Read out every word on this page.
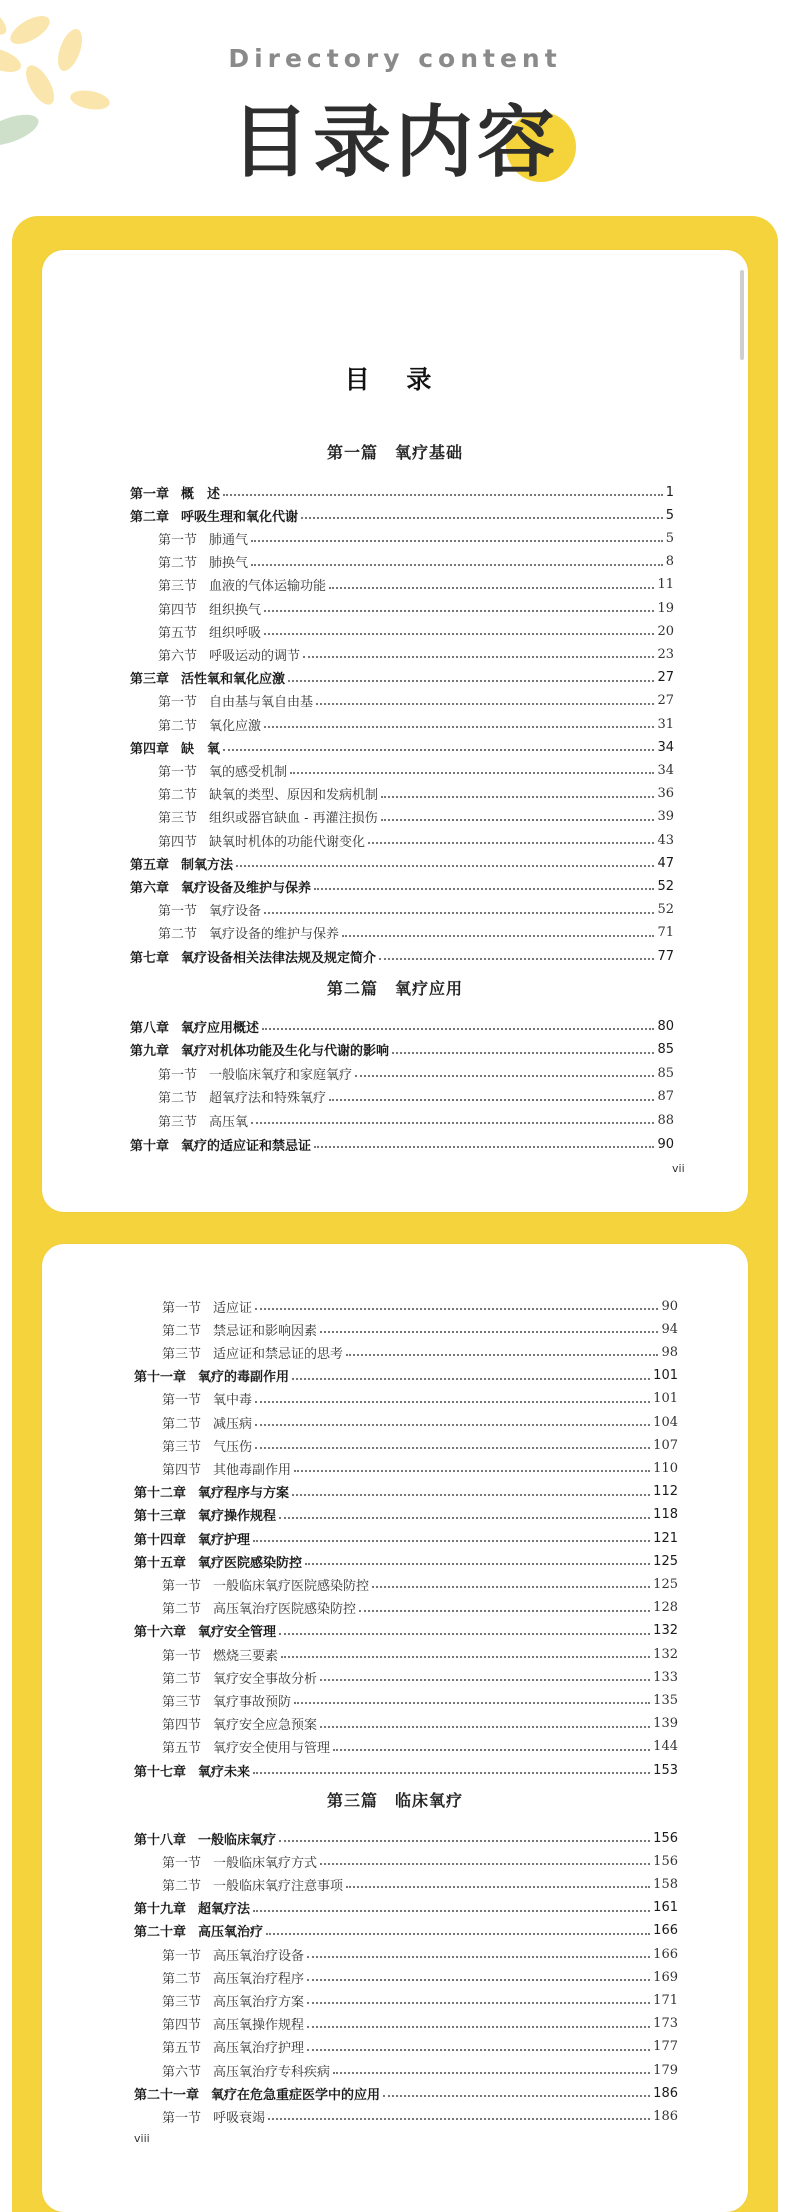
Directory content
目录内容
目 录
第一篇　氧疗基础
第一章 概　述	1
第二章 呼吸生理和氧化代谢	5
第一节 肺通气	5
第二节 肺换气	8
第三节 血液的气体运输功能	11
第四节 组织换气	19
第五节 组织呼吸	20
第六节 呼吸运动的调节	23
第三章 活性氧和氧化应激	27
第一节 自由基与氧自由基	27
第二节 氧化应激	31
第四章 缺　氧	34
第一节 氧的感受机制	34
第二节 缺氧的类型、原因和发病机制	36
第三节 组织或器官缺血 - 再灌注损伤	39
第四节 缺氧时机体的功能代谢变化	43
第五章 制氧方法	47
第六章 氧疗设备及维护与保养	52
第一节 氧疗设备	52
第二节 氧疗设备的维护与保养	71
第七章 氧疗设备相关法律法规及规定简介	77
第二篇　氧疗应用
第八章 氧疗应用概述	80
第九章 氧疗对机体功能及生化与代谢的影响	85
第一节 一般临床氧疗和家庭氧疗	85
第二节 超氧疗法和特殊氧疗	87
第三节 高压氧	88
第十章 氧疗的适应证和禁忌证	90
vii
第一节 适应证	90
第二节 禁忌证和影响因素	94
第三节 适应证和禁忌证的思考	98
第十一章 氧疗的毒副作用	101
第一节 氧中毒	101
第二节 减压病	104
第三节 气压伤	107
第四节 其他毒副作用	110
第十二章 氧疗程序与方案	112
第十三章 氧疗操作规程	118
第十四章 氧疗护理	121
第十五章 氧疗医院感染防控	125
第一节 一般临床氧疗医院感染防控	125
第二节 高压氧治疗医院感染防控	128
第十六章 氧疗安全管理	132
第一节 燃烧三要素	132
第二节 氧疗安全事故分析	133
第三节 氧疗事故预防	135
第四节 氧疗安全应急预案	139
第五节 氧疗安全使用与管理	144
第十七章 氧疗未来	153
第三篇　临床氧疗
第十八章 一般临床氧疗	156
第一节 一般临床氧疗方式	156
第二节 一般临床氧疗注意事项	158
第十九章 超氧疗法	161
第二十章 高压氧治疗	166
第一节 高压氧治疗设备	166
第二节 高压氧治疗程序	169
第三节 高压氧治疗方案	171
第四节 高压氧操作规程	173
第五节 高压氧治疗护理	177
第六节 高压氧治疗专科疾病	179
第二十一章 氧疗在危急重症医学中的应用	186
第一节 呼吸衰竭	186
viii
